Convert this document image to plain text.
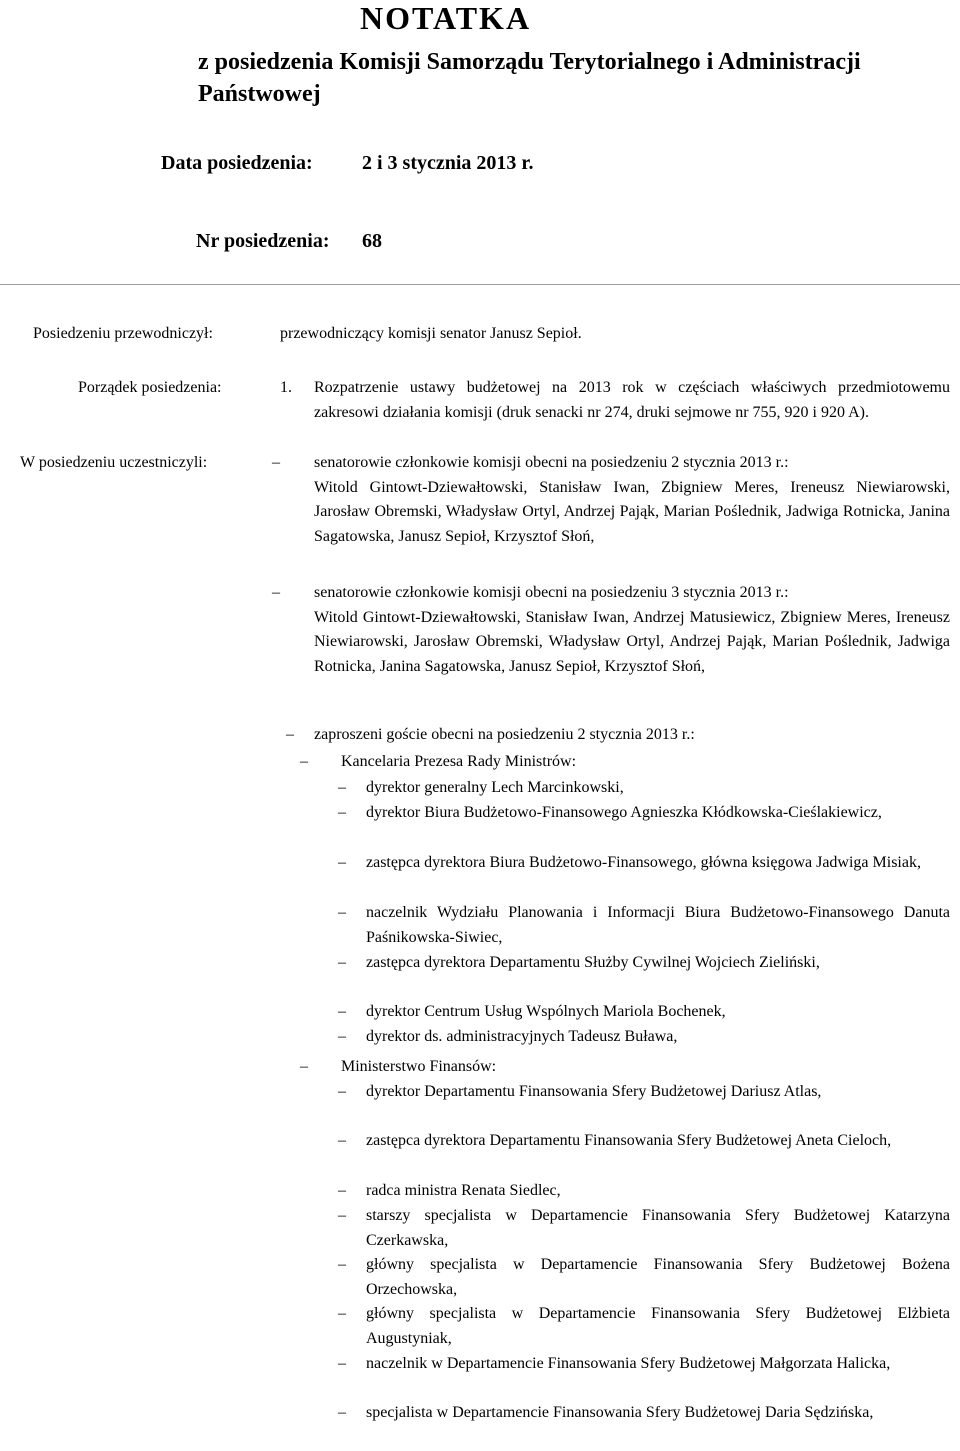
NOTATKA
z posiedzenia Komisji Samorządu Terytorialnego i Administracji Państwowej
Data posiedzenia: 2 i 3 stycznia 2013 r.
Nr posiedzenia: 68
Posiedzeniu przewodniczył:	przewodniczący komisji senator Janusz Sepioł.
Porządek posiedzenia:	1. Rozpatrzenie ustawy budżetowej na 2013 rok w częściach właściwych przedmiotowemu zakresowi działania komisji (druk senacki nr 274, druki sejmowe nr 755, 920 i 920 A).
W posiedzeniu uczestniczyli:	– senatorowie członkowie komisji obecni na posiedzeniu 2 stycznia 2013 r.:
Witold Gintowt-Dziewałtowski, Stanisław Iwan, Zbigniew Meres, Ireneusz Niewiarowski, Jarosław Obremski, Władysław Ortyl, Andrzej Pająk, Marian Poślednik, Jadwiga Rotnicka, Janina Sagatowska, Janusz Sepioł, Krzysztof Słoń,
– senatorowie członkowie komisji obecni na posiedzeniu 3 stycznia 2013 r.:
Witold Gintowt-Dziewałtowski, Stanisław Iwan, Andrzej Matusiewicz, Zbigniew Meres, Ireneusz Niewiarowski, Jarosław Obremski, Władysław Ortyl, Andrzej Pająk, Marian Poślednik, Jadwiga Rotnicka, Janina Sagatowska, Janusz Sepioł, Krzysztof Słoń,
– zaproszeni goście obecni na posiedzeniu 2 stycznia 2013 r.:
– Kancelaria Prezesa Rady Ministrów:
– dyrektor generalny Lech Marcinkowski,
– dyrektor Biura Budżetowo-Finansowego Agnieszka Kłódkowska-Cieślakiewicz,
– zastępca dyrektora Biura Budżetowo-Finansowego, główna księgowa Jadwiga Misiak,
– naczelnik Wydziału Planowania i Informacji Biura Budżetowo-Finansowego Danuta Paśnikowska-Siwiec,
– zastępca dyrektora Departamentu Służby Cywilnej Wojciech Zieliński,
– dyrektor Centrum Usług Wspólnych Mariola Bochenek,
– dyrektor ds. administracyjnych Tadeusz Buława,
– Ministerstwo Finansów:
– dyrektor Departamentu Finansowania Sfery Budżetowej Dariusz Atlas,
– zastępca dyrektora Departamentu Finansowania Sfery Budżetowej Aneta Cieloch,
– radca ministra Renata Siedlec,
– starszy specjalista w Departamencie Finansowania Sfery Budżetowej Katarzyna Czerkawska,
– główny specjalista w Departamencie Finansowania Sfery Budżetowej Bożena Orzechowska,
– główny specjalista w Departamencie Finansowania Sfery Budżetowej Elżbieta Augustyniak,
– naczelnik w Departamencie Finansowania Sfery Budżetowej Małgorzata Halicka,
– specjalista w Departamencie Finansowania Sfery Budżetowej Daria Sędzińska,
